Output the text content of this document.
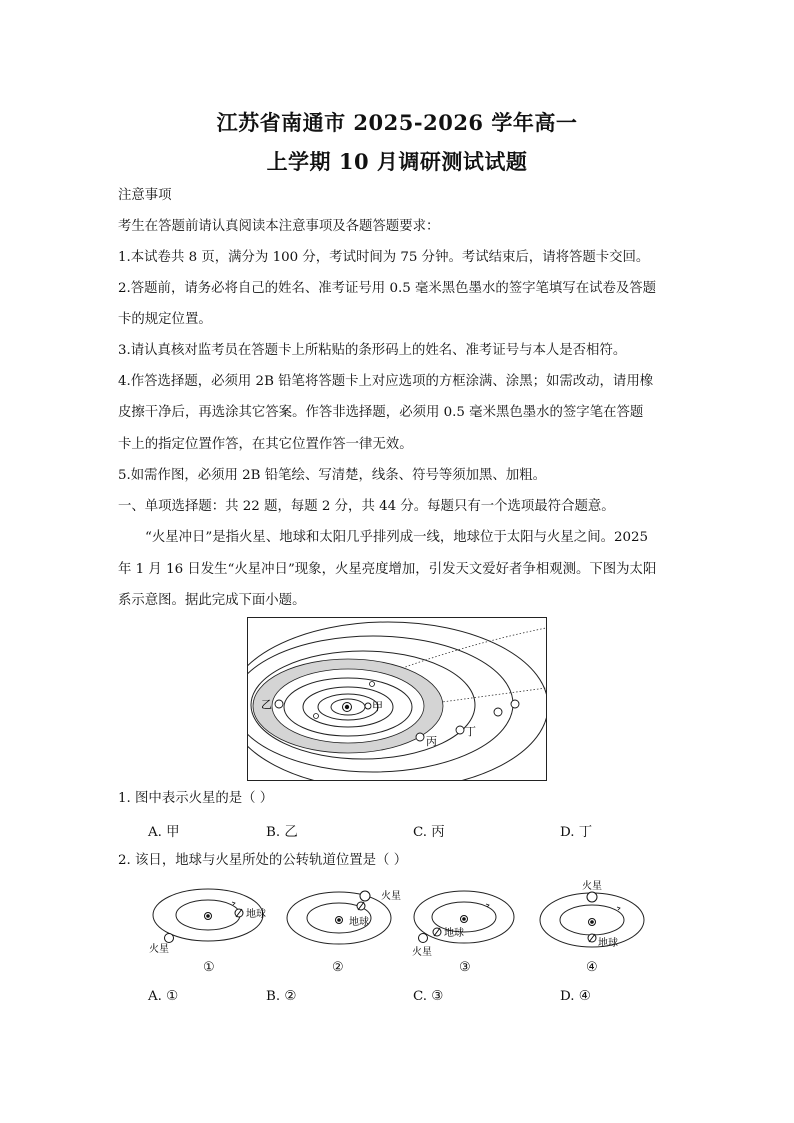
江苏省南通市 2025-2026 学年高一
上学期 10 月调研测试试题
注意事项
考生在答题前请认真阅读本注意事项及各题答题要求：
1.本试卷共 8 页，满分为 100 分，考试时间为 75 分钟。考试结束后，请将答题卡交回。
2.答题前，请务必将自己的姓名、准考证号用 0.5 毫米黑色墨水的签字笔填写在试卷及答题
卡的规定位置。
3.请认真核对监考员在答题卡上所粘贴的条形码上的姓名、准考证号与本人是否相符。
4.作答选择题，必须用 2B 铅笔将答题卡上对应选项的方框涂满、涂黑；如需改动，请用橡
皮擦干净后，再选涂其它答案。作答非选择题，必须用 0.5 毫米黑色墨水的签字笔在答题
卡上的指定位置作答，在其它位置作答一律无效。
5.如需作图，必须用 2B 铅笔绘、写清楚，线条、符号等须加黑、加粗。
一、单项选择题：共 22 题，每题 2 分，共 44 分。每题只有一个选项最符合题意。
“火星冲日”是指火星、地球和太阳几乎排列成一线，地球位于太阳与火星之间。2025
年 1 月 16 日发生“火星冲日”现象，火星亮度增加，引发天文爱好者争相观测。下图为太阳
系示意图。据此完成下面小题。
甲
乙
丙
丁
1. 图中表示火星的是（ ）
A. 甲	B. 乙	C. 丙	D. 丁
2. 该日，地球与火星所处的公转轨道位置是（ ）
地球
火星
①
地球
火星
②
地球
火星
③
火星
地球
④
A. ①	B. ②	C. ③	D. ④
